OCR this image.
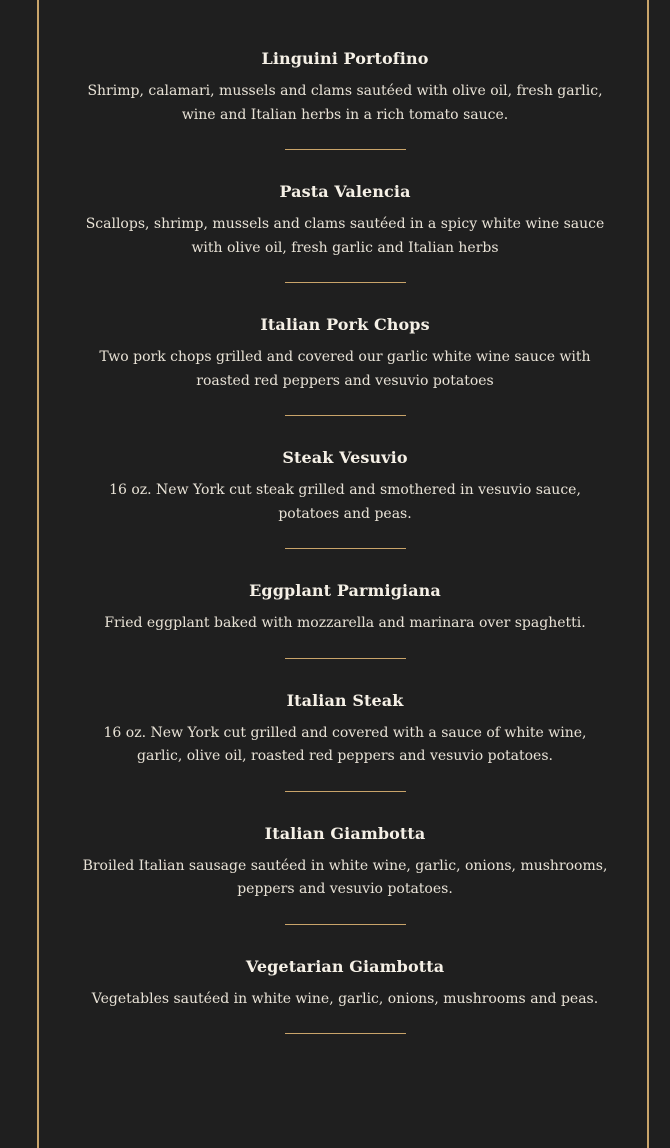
Linguini Portofino

Shrimp, calamari, mussels and clams sautéed with olive oil, fresh garlic, wine and Italian herbs in a rich tomato sauce.

Pasta Valencia

Scallops, shrimp, mussels and clams sautéed in a spicy white wine sauce with olive oil, fresh garlic and Italian herbs

Italian Pork Chops

Two pork chops grilled and covered our garlic white wine sauce with roasted red peppers and vesuvio potatoes

Steak Vesuvio

16 oz. New York cut steak grilled and smothered in vesuvio sauce, potatoes and peas.

Eggplant Parmigiana

Fried eggplant baked with mozzarella and marinara over spaghetti.

Italian Steak

16 oz. New York cut grilled and covered with a sauce of white wine, garlic, olive oil, roasted red peppers and vesuvio potatoes.

Italian Giambotta

Broiled Italian sausage sautéed in white wine, garlic, onions, mushrooms, peppers and vesuvio potatoes.

Vegetarian Giambotta

Vegetables sautéed in white wine, garlic, onions, mushrooms and peas.
